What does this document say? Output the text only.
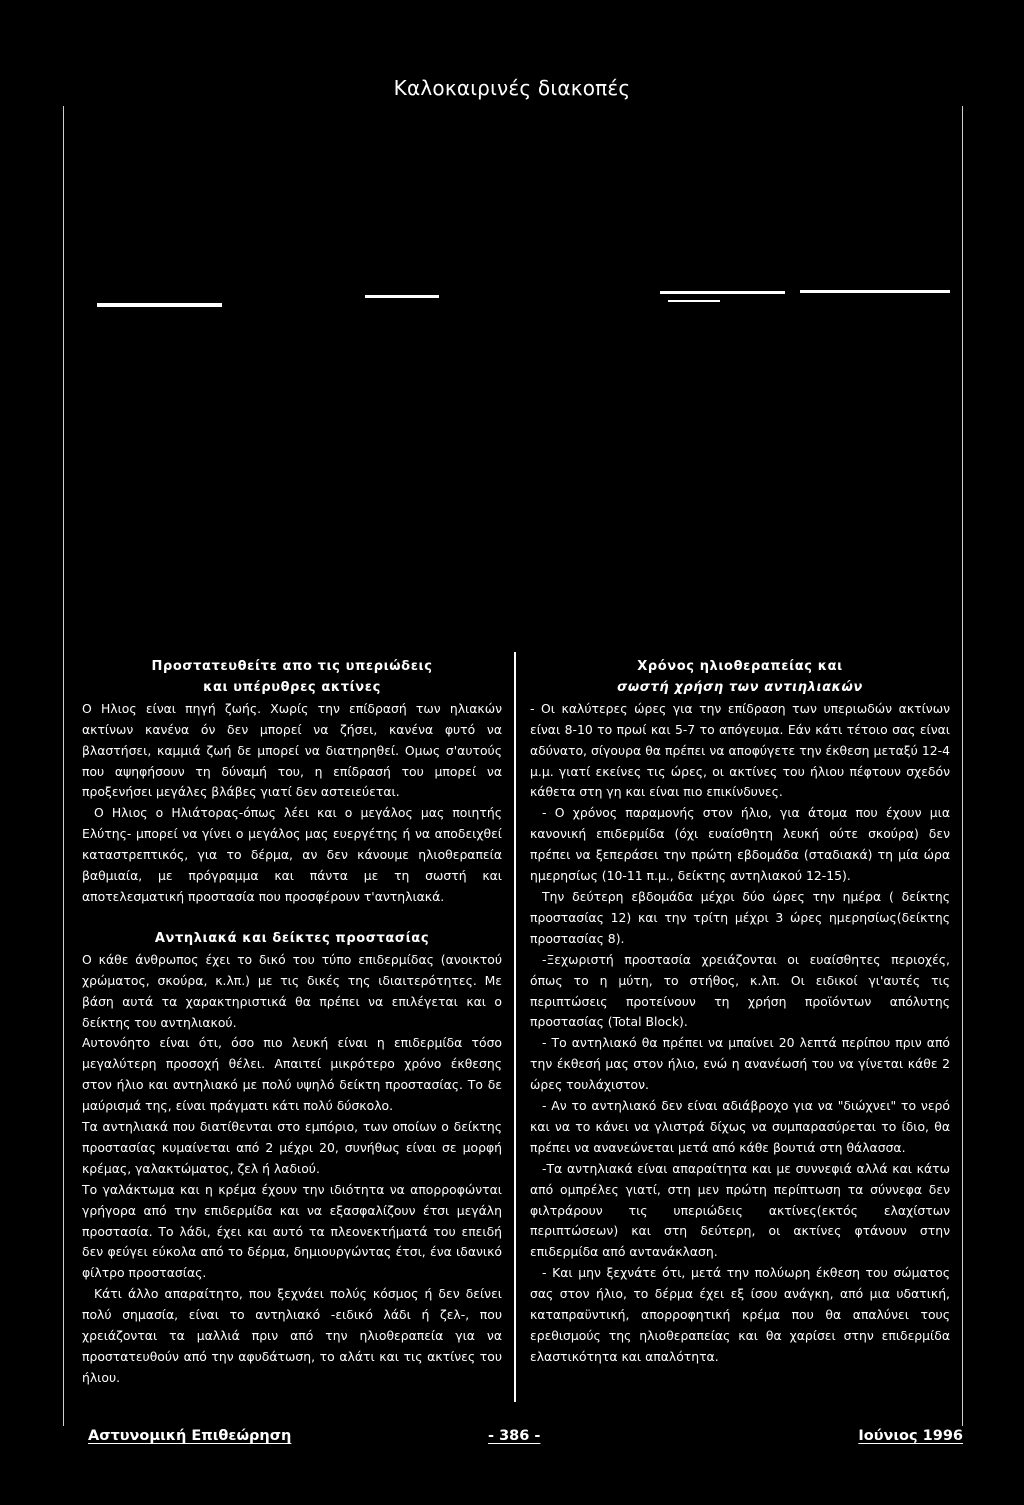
Καλοκαιρινές διακοπές
Προστατευθείτε απο τις υπεριώδεις
και υπέρυθρες ακτίνες

Ο Ηλιος είναι πηγή ζωής. Χωρίς την επίδρασή των ηλιακών ακτίνων κανένα όν δεν μπορεί να ζήσει, κανένα φυτό να βλαστήσει, καμμιά ζωή δε μπορεί να διατηρηθεί. Ομως σ'αυτούς που αψηφήσουν τη δύναμή του, η επίδρασή του μπορεί να προξενήσει μεγάλες βλάβες γιατί δεν αστειεύεται.

Ο Ηλιος ο Ηλιάτορας-όπως λέει και ο μεγάλος μας ποιητής Ελύτης- μπορεί να γίνει ο μεγάλος μας ευεργέτης ή να αποδειχθεί καταστρεπτικός, για το δέρμα, αν δεν κάνουμε ηλιοθεραπεία βαθμιαία, με πρόγραμμα και πάντα με τη σωστή και αποτελεσματική προστασία που προσφέρουν τ'αντηλιακά.

Αντηλιακά και δείκτες προστασίας

Ο κάθε άνθρωπος έχει το δικό του τύπο επιδερμίδας (ανοικτού χρώματος, σκούρα, κ.λπ.) με τις δικές της ιδιαιτερότητες. Με βάση αυτά τα χαρακτηριστικά θα πρέπει να επιλέγεται και ο δείκτης του αντηλιακού.

Αυτονόητο είναι ότι, όσο πιο λευκή είναι η επιδερμίδα τόσο μεγαλύτερη προσοχή θέλει. Απαιτεί μικρότερο χρόνο έκθεσης στον ήλιο και αντηλιακό με πολύ υψηλό δείκτη προστασίας. Το δε μαύρισμά της, είναι πράγματι κάτι πολύ δύσκολο.

Τα αντηλιακά που διατίθενται στο εμπόριο, των οποίων ο δείκτης προστασίας κυμαίνεται από 2 μέχρι 20, συνήθως είναι σε μορφή κρέμας, γαλακτώματος, ζελ ή λαδιού.

Το γαλάκτωμα και η κρέμα έχουν την ιδιότητα να απορροφώνται γρήγορα από την επιδερμίδα και να εξασφαλίζουν έτσι μεγάλη προστασία. Το λάδι, έχει και αυτό τα πλεονεκτήματά του επειδή δεν φεύγει εύκολα από το δέρμα, δημιουργώντας έτσι, ένα ιδανικό φίλτρο προστασίας.

Κάτι άλλο απαραίτητο, που ξεχνάει πολύς κόσμος ή δεν δείνει πολύ σημασία, είναι το αντηλιακό -ειδικό λάδι ή ζελ-, που χρειάζονται τα μαλλιά πριν από την ηλιοθεραπεία για να προστατευθούν από την αφυδάτωση, το αλάτι και τις ακτίνες του ήλιου.

Χρόνος ηλιοθεραπείας και
σωστή χρήση των αντιηλιακών

- Οι καλύτερες ώρες για την επίδραση των υπεριωδών ακτίνων είναι 8-10 το πρωί και 5-7 το απόγευμα. Εάν κάτι τέτοιο σας είναι αδύνατο, σίγουρα θα πρέπει να αποφύγετε την έκθεση μεταξύ 12-4 μ.μ. γιατί εκείνες τις ώρες, οι ακτίνες του ήλιου πέφτουν σχεδόν κάθετα στη γη και είναι πιο επικίνδυνες.

- Ο χρόνος παραμονής στον ήλιο, για άτομα που έχουν μια κανονική επιδερμίδα (όχι ευαίσθητη λευκή ούτε σκούρα) δεν πρέπει να ξεπεράσει την πρώτη εβδομάδα (σταδιακά) τη μία ώρα ημερησίως (10-11 π.μ., δείκτης αντηλιακού 12-15).

Την δεύτερη εβδομάδα μέχρι δύο ώρες την ημέρα ( δείκτης προστασίας 12) και την τρίτη μέχρι 3 ώρες ημερησίως(δείκτης προστασίας 8).

-Ξεχωριστή προστασία χρειάζονται οι ευαίσθητες περιοχές, όπως το η μύτη, το στήθος, κ.λπ. Οι ειδικοί γι'αυτές τις περιπτώσεις προτείνουν τη χρήση προϊόντων απόλυτης προστασίας (Total Block).

- Το αντηλιακό θα πρέπει να μπαίνει 20 λεπτά περίπου πριν από την έκθεσή μας στον ήλιο, ενώ η ανανέωσή του να γίνεται κάθε 2 ώρες τουλάχιστον.

- Αν το αντηλιακό δεν είναι αδιάβροχο για να "διώχνει" το νερό και να το κάνει να γλιστρά δίχως να συμπαρασύρεται το ίδιο, θα πρέπει να ανανεώνεται μετά από κάθε βουτιά στη θάλασσα.

-Τα αντηλιακά είναι απαραίτητα και με συννεφιά αλλά και κάτω από ομπρέλες γιατί, στη μεν πρώτη περίπτωση τα σύννεφα δεν φιλτράρουν τις υπεριώδεις ακτίνες(εκτός ελαχίστων περιπτώσεων) και στη δεύτερη, οι ακτίνες φτάνουν στην επιδερμίδα από αντανάκλαση.

- Και μην ξεχνάτε ότι, μετά την πολύωρη έκθεση του σώματος σας στον ήλιο, το δέρμα έχει εξ ίσου ανάγκη, από μια υδατική, καταπραϋντική, απορροφητική κρέμα που θα απαλύνει τους ερεθισμούς της ηλιοθεραπείας και θα χαρίσει στην επιδερμίδα ελαστικότητα και απαλότητα.

Αστυνομική Επιθεώρηση	- 386 -	Ιούνιος 1996
